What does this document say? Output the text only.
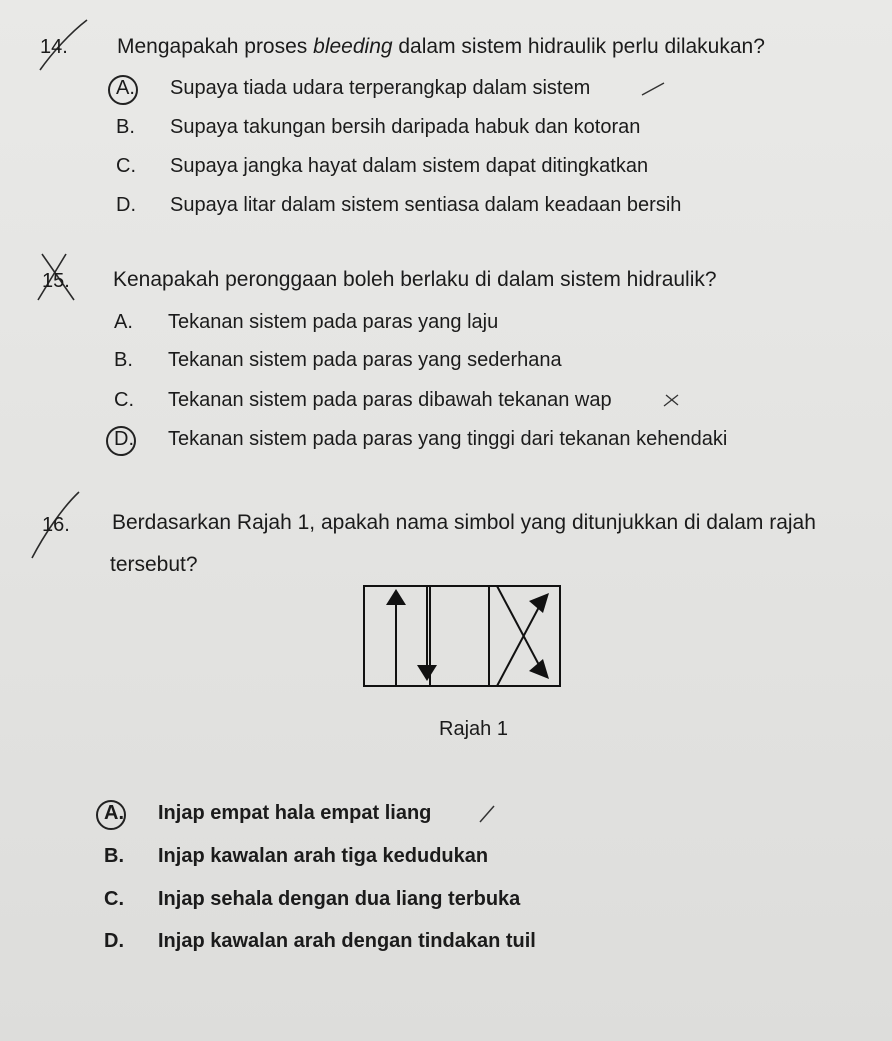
14. Mengapakah proses bleeding dalam sistem hidraulik perlu dilakukan?
A. Supaya tiada udara terperangkap dalam sistem
B. Supaya takungan bersih daripada habuk dan kotoran
C. Supaya jangka hayat dalam sistem dapat ditingkatkan
D. Supaya litar dalam sistem sentiasa dalam keadaan bersih
15. Kenapakah peronggaan boleh berlaku di dalam sistem hidraulik?
A. Tekanan sistem pada paras yang laju
B. Tekanan sistem pada paras yang sederhana
C. Tekanan sistem pada paras dibawah tekanan wap
D. Tekanan sistem pada paras yang tinggi dari tekanan kehendaki
16. Berdasarkan Rajah 1, apakah nama simbol yang ditunjukkan di dalam rajah
tersebut?
Rajah 1
A. Injap empat hala empat liang
B. Injap kawalan arah tiga kedudukan
C. Injap sehala dengan dua liang terbuka
D. Injap kawalan arah dengan tindakan tuil
